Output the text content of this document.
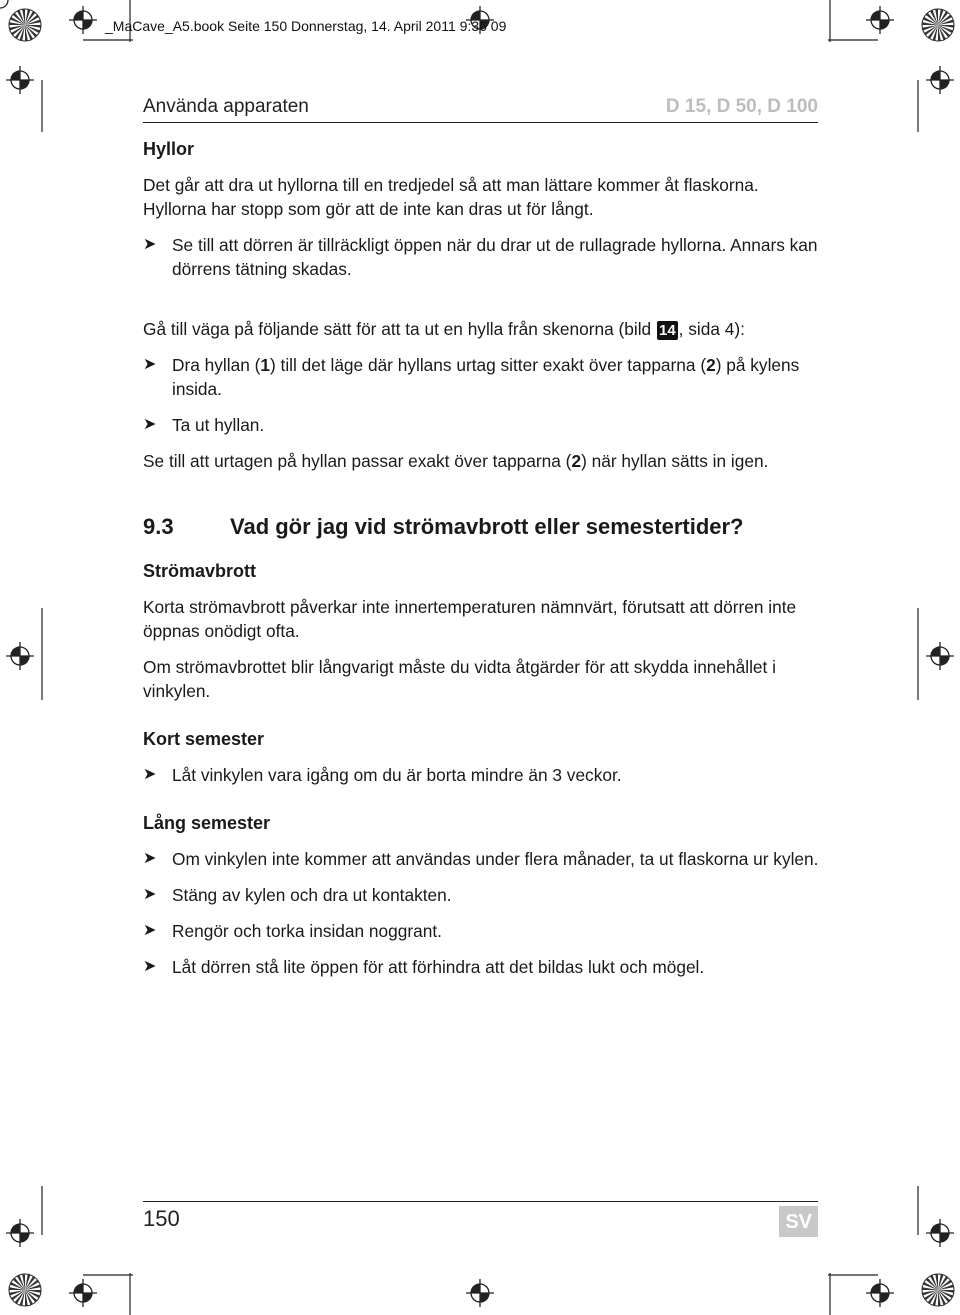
_MaCave_A5.book Seite 150 Donnerstag, 14. April 2011 9:36 09
Använda apparaten	D 15, D 50, D 100

Hyllor

Det går att dra ut hyllorna till en tredjedel så att man lättare kommer åt flaskorna. Hyllorna har stopp som gör att de inte kan dras ut för långt.

➤ Se till att dörren är tillräckligt öppen när du drar ut de rullagrade hyllorna. Annars kan dörrens tätning skadas.

Gå till väga på följande sätt för att ta ut en hylla från skenorna (bild 14 , sida 4):

➤ Dra hyllan (1) till det läge där hyllans urtag sitter exakt över tapparna (2) på kylens insida.
➤ Ta ut hyllan.

Se till att urtagen på hyllan passar exakt över tapparna (2) när hyllan sätts in igen.

9.3	Vad gör jag vid strömavbrott eller semestertider?

Strömavbrott

Korta strömavbrott påverkar inte innertemperaturen nämnvärt, förutsatt att dörren inte öppnas onödigt ofta.

Om strömavbrottet blir långvarigt måste du vidta åtgärder för att skydda innehållet i vinkylen.

Kort semester

➤ Låt vinkylen vara igång om du är borta mindre än 3 veckor.

Lång semester

➤ Om vinkylen inte kommer att användas under flera månader, ta ut flaskorna ur kylen.
➤ Stäng av kylen och dra ut kontakten.
➤ Rengör och torka insidan noggrant.
➤ Låt dörren stå lite öppen för att förhindra att det bildas lukt och mögel.
150	SV
